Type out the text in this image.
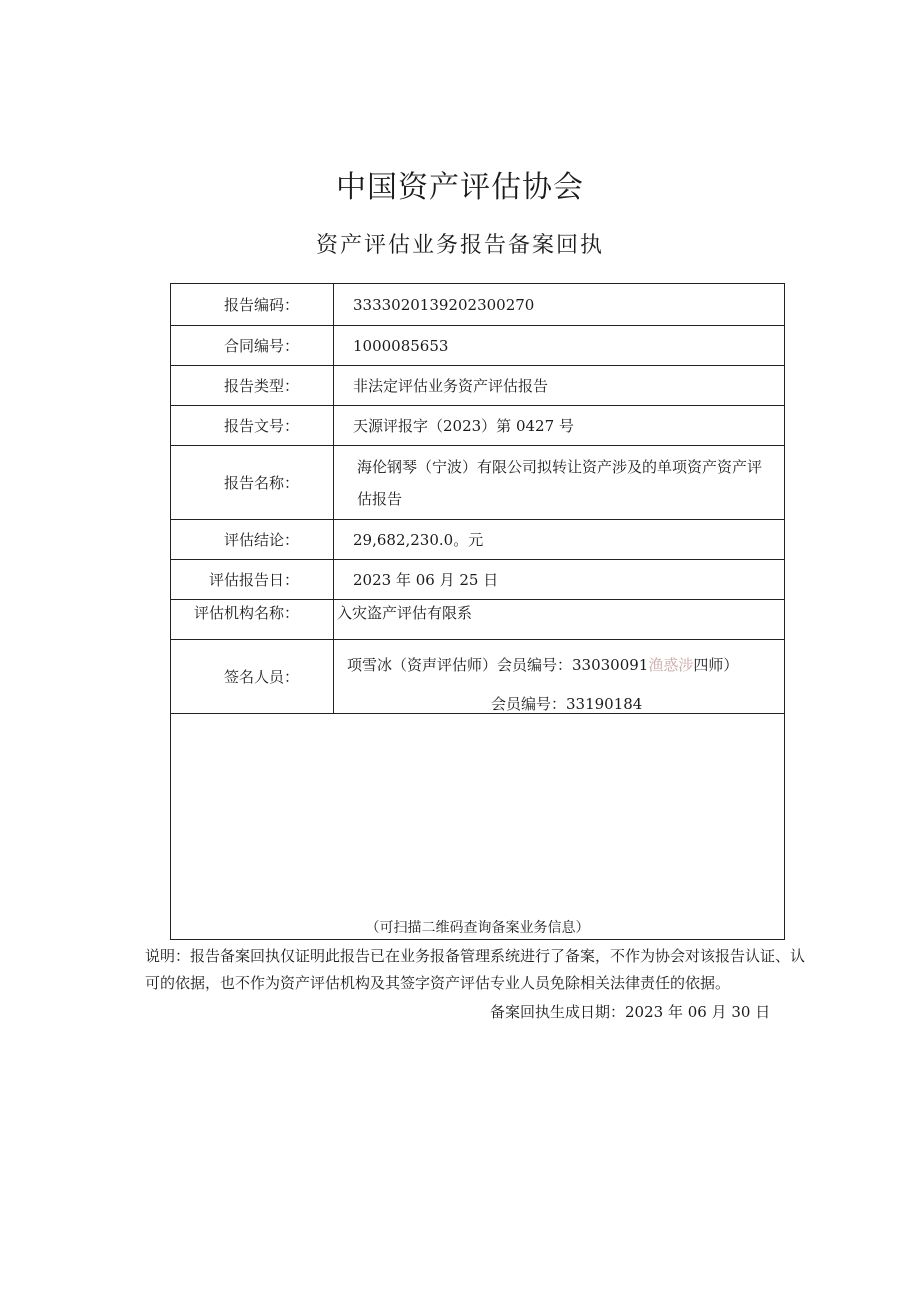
中国资产评估协会
资产评估业务报告备案回执
报告编码：	3333020139202300270
合同编号：	1000085653
报告类型：	非法定评估业务资产评估报告
报告文号：	天源评报字（2023）第 0427 号
报告名称：
海伦钢琴（宁波）有限公司拟转让资产涉及的单项资产资产评估报告
评估结论：	29,682,230.0。元
评估报告日：	2023 年 06 月 25 日
评估机构名称：	入灾盗产评估有限系
签名人员：
项雪冰（资声评估师）会员编号：33030091渔惑涉四师）
会员编号：33190184
（可扫描二维码查询备案业务信息）
说明：报告备案回执仅证明此报告已在业务报备管理系统进行了备案，不作为协会对该报告认证、认可的依据，也不作为资产评估机构及其签字资产评估专业人员免除相关法律责任的依据。
备案回执生成日期：2023 年 06 月 30 日
